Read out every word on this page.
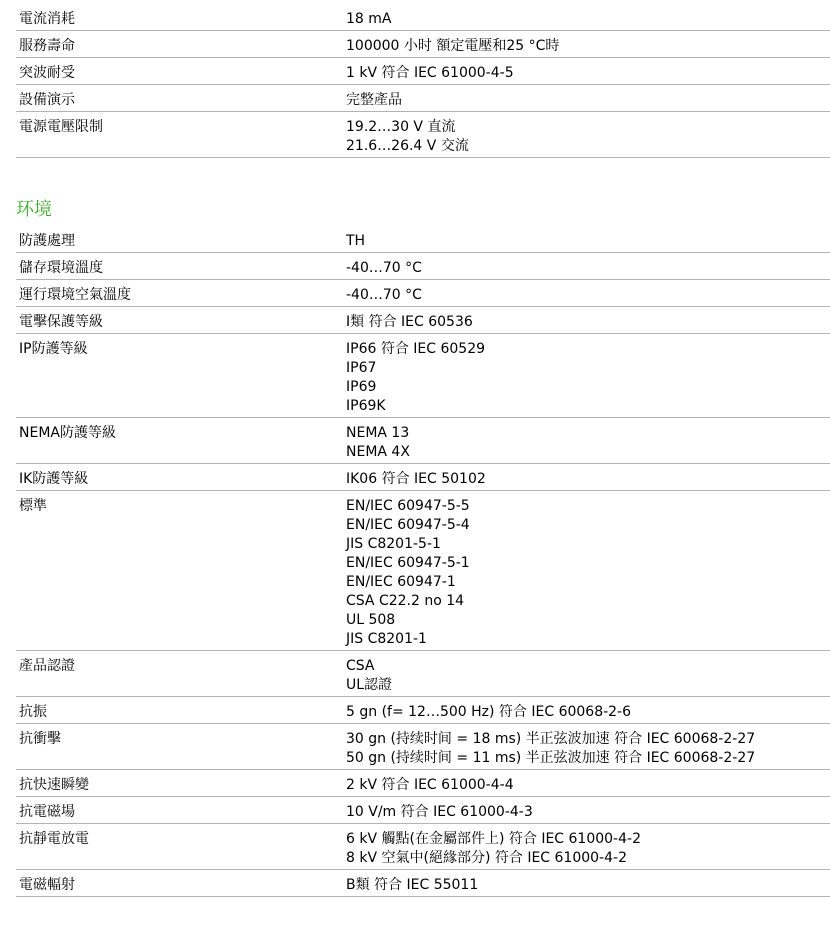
電流消耗	18 mA
服務壽命	100000 小时 額定電壓和25 °C時
突波耐受	1 kV 符合 IEC 61000-4-5
設備演示	完整產品
電源電壓限制	19.2…30 V 直流
21.6…26.4 V 交流
环境
防護處理	TH
儲存環境溫度	-40…70 °C
運行環境空氣溫度	-40…70 °C
電擊保護等級	I類 符合 IEC 60536
IP防護等級	IP66 符合 IEC 60529
IP67
IP69
IP69K
NEMA防護等級	NEMA 13
NEMA 4X
IK防護等級	IK06 符合 IEC 50102
標準	EN/IEC 60947-5-5
EN/IEC 60947-5-4
JIS C8201-5-1
EN/IEC 60947-5-1
EN/IEC 60947-1
CSA C22.2 no 14
UL 508
JIS C8201-1
產品認證	CSA
UL認證
抗振	5 gn (f= 12…500 Hz) 符合 IEC 60068-2-6
抗衝擊	30 gn (持续时间 = 18 ms) 半正弦波加速 符合 IEC 60068-2-27
50 gn (持续时间 = 11 ms) 半正弦波加速 符合 IEC 60068-2-27
抗快速瞬變	2 kV 符合 IEC 61000-4-4
抗電磁場	10 V/m 符合 IEC 61000-4-3
抗靜電放電	6 kV 觸點(在金屬部件上) 符合 IEC 61000-4-2
8 kV 空氣中(絕緣部分) 符合 IEC 61000-4-2
電磁輻射	B類 符合 IEC 55011
